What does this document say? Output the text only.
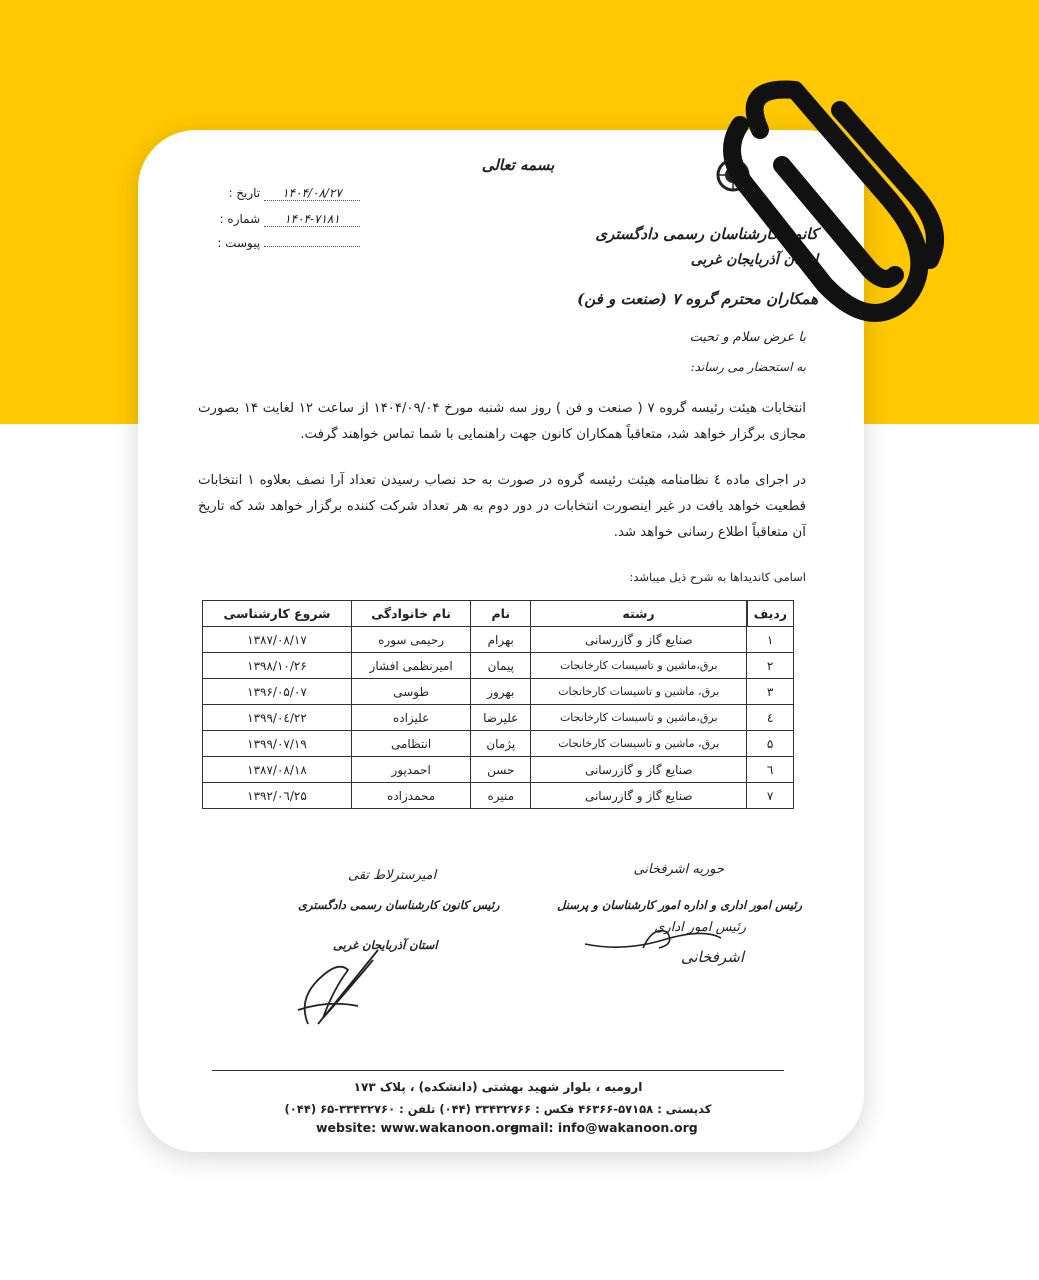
بسمه تعالی
۱۴۰۴/۰۸/۲۷ تاریخ :
۱۴۰۴-۷۱۸۱ شماره :
پیوست :	کانون کارشناسان رسمی دادگستری
استان آذربایجان غربی
همکاران محترم گروه ۷ (صنعت و فن)
با عرض سلام و تحیت
به استحضار می رساند:
انتخابات هیئت رئیسه گروه ۷ ( صنعت و فن ) روز سه شنبه مورخ ۱۴۰۴/۰۹/۰۴ از ساعت ۱۲ لغایت ۱۴ بصورت مجازی برگزار خواهد شد، متعاقباً همکاران کانون جهت راهنمایی با شما تماس خواهند گرفت.
در اجرای ماده ٤ نظامنامه هیئت رئیسه گروه در صورت به حد نصاب رسیدن تعداد آرا نصف بعلاوه ۱ انتخابات قطعیت خواهد یافت در غیر اینصورت انتخابات در دور دوم به هر تعداد شرکت کننده برگزار خواهد شد که تاریخ آن متعاقباً اطلاع رسانی خواهد شد.
اسامی کاندیداها به شرح ذیل میباشد:
ردیف	رشته	نام	نام خانوادگی	شروع کارشناسی
۱	صنایع گاز و گازرسانی	بهرام	رحیمی سوره	۱۳۸۷/۰۸/۱۷
۲	برق،ماشین و تاسیسات کارخانجات	پیمان	امیرنظمی افشار	۱۳۹۸/۱۰/۲۶
۳	برق، ماشین و تاسیسات کارخانجات	بهروز	طوسی	۱۳۹۶/۰۵/۰۷
٤	برق،ماشین و تاسیسات کارخانجات	علیرضا	علیزاده	۱۳۹۹/۰٤/۲۲
۵	برق، ماشین و تاسیسات کارخانجات	پژمان	انتظامی	۱۳۹۹/۰۷/۱۹
٦	صنایع گاز و گازرسانی	حسن	احمدپور	۱۳۸۷/۰۸/۱۸
۷	صنایع گاز و گازرسانی	منیره	محمدزاده	۱۳۹۲/۰٦/۲۵
حوریه اشرفخانی
رئیس امور اداری و اداره امور کارشناسان و پرسنل
رئیس امور اداری
اشرفخانی
امیرسترلاط تقی
رئیس کانون کارشناسان رسمی دادگستری
استان آذربایجان غربی
ارومیه ، بلوار شهید بهشتی (دانشکده) ، پلاک ۱۷۳
کدپستی : ۵۷۱۵۸-۴۶۳۶۶ فکس : ۳۳۴۳۲۷۶۶ (۰۴۴) تلفن : ۳۳۴۳۲۷۶۰-۶۵ (۰۴۴)
website: www.wakanoon.org
email: info@wakanoon.org
